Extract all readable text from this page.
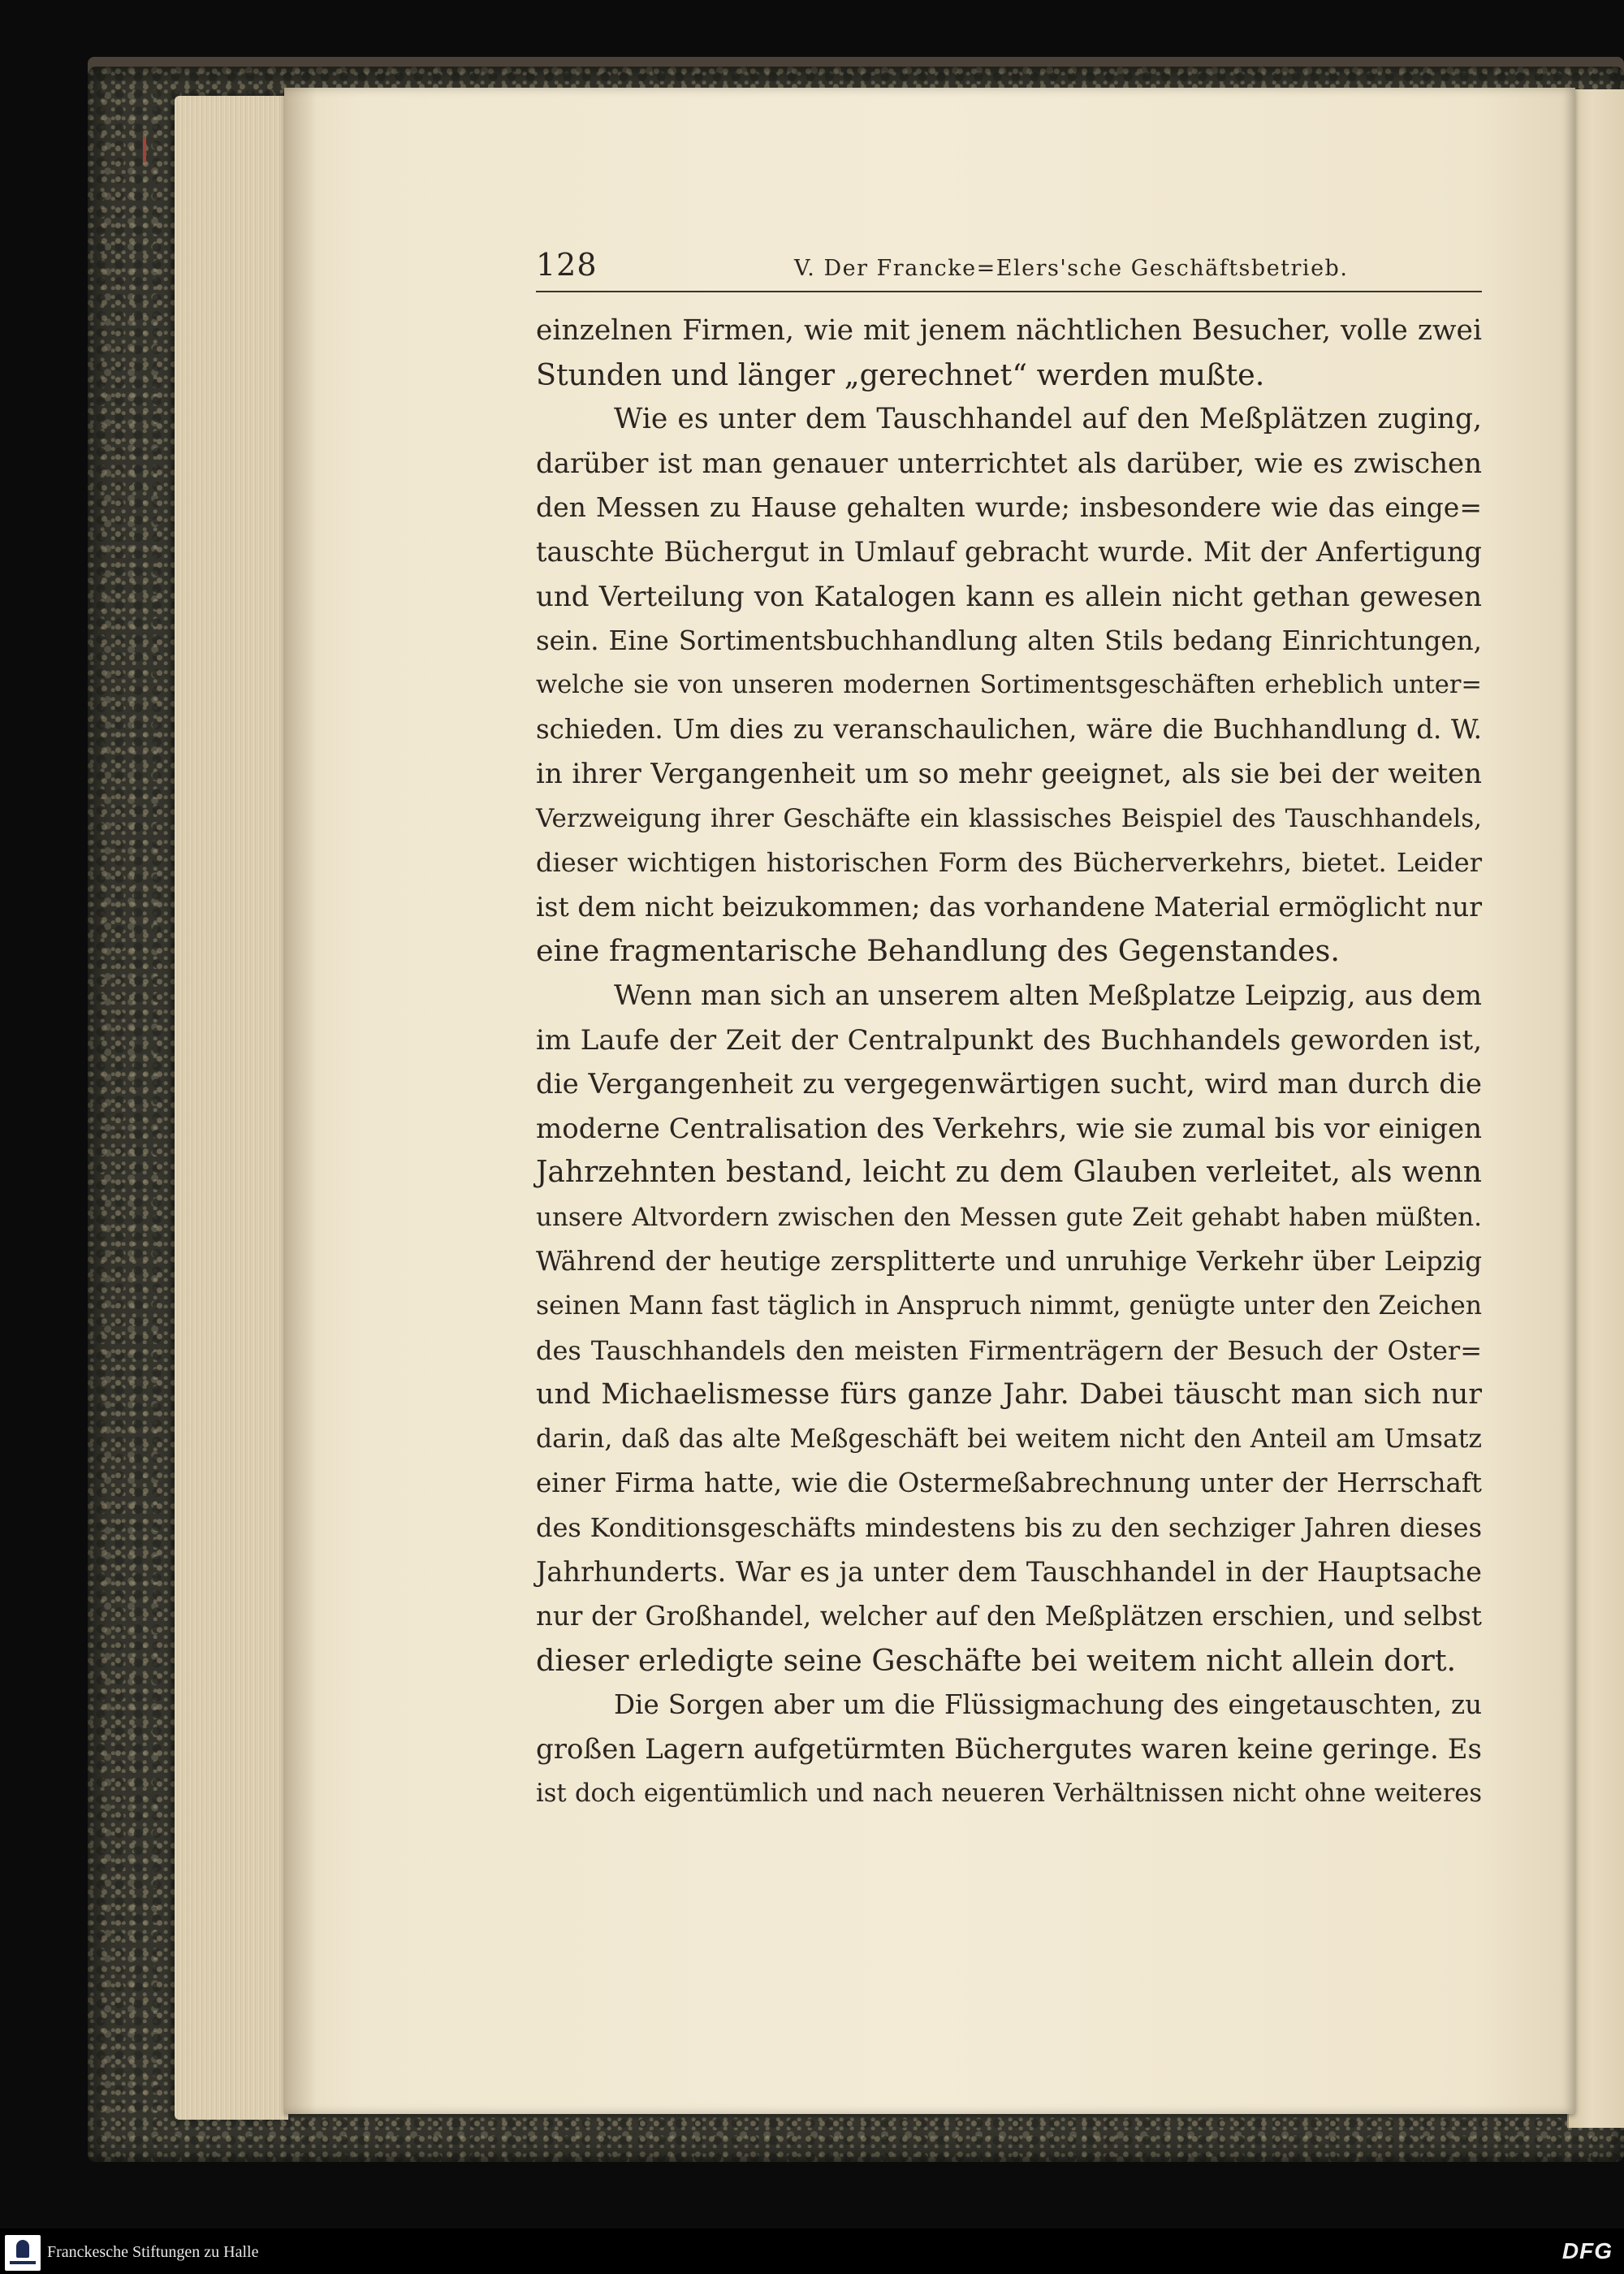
128	V. Der Francke=Elers'sche Geschäftsbetrieb.
einzelnen Firmen, wie mit jenem nächtlichen Besucher, volle zwei
Stunden und länger „gerechnet“ werden mußte.
Wie es unter dem Tauschhandel auf den Meßplätzen zuging,
darüber ist man genauer unterrichtet als darüber, wie es zwischen
den Messen zu Hause gehalten wurde; insbesondere wie das einge=
tauschte Büchergut in Umlauf gebracht wurde. Mit der Anfertigung
und Verteilung von Katalogen kann es allein nicht gethan gewesen
sein. Eine Sortimentsbuchhandlung alten Stils bedang Einrichtungen,
welche sie von unseren modernen Sortimentsgeschäften erheblich unter=
schieden. Um dies zu veranschaulichen, wäre die Buchhandlung d. W.
in ihrer Vergangenheit um so mehr geeignet, als sie bei der weiten
Verzweigung ihrer Geschäfte ein klassisches Beispiel des Tauschhandels,
dieser wichtigen historischen Form des Bücherverkehrs, bietet. Leider
ist dem nicht beizukommen; das vorhandene Material ermöglicht nur
eine fragmentarische Behandlung des Gegenstandes.
Wenn man sich an unserem alten Meßplatze Leipzig, aus dem
im Laufe der Zeit der Centralpunkt des Buchhandels geworden ist,
die Vergangenheit zu vergegenwärtigen sucht, wird man durch die
moderne Centralisation des Verkehrs, wie sie zumal bis vor einigen
Jahrzehnten bestand, leicht zu dem Glauben verleitet, als wenn
unsere Altvordern zwischen den Messen gute Zeit gehabt haben müßten.
Während der heutige zersplitterte und unruhige Verkehr über Leipzig
seinen Mann fast täglich in Anspruch nimmt, genügte unter den Zeichen
des Tauschhandels den meisten Firmenträgern der Besuch der Oster=
und Michaelismesse fürs ganze Jahr. Dabei täuscht man sich nur
darin, daß das alte Meßgeschäft bei weitem nicht den Anteil am Umsatz
einer Firma hatte, wie die Ostermeßabrechnung unter der Herrschaft
des Konditionsgeschäfts mindestens bis zu den sechziger Jahren dieses
Jahrhunderts. War es ja unter dem Tauschhandel in der Hauptsache
nur der Großhandel, welcher auf den Meßplätzen erschien, und selbst
dieser erledigte seine Geschäfte bei weitem nicht allein dort.
Die Sorgen aber um die Flüssigmachung des eingetauschten, zu
großen Lagern aufgetürmten Büchergutes waren keine geringe. Es
ist doch eigentümlich und nach neueren Verhältnissen nicht ohne weiteres
Franckesche Stiftungen zu Halle	DFG
